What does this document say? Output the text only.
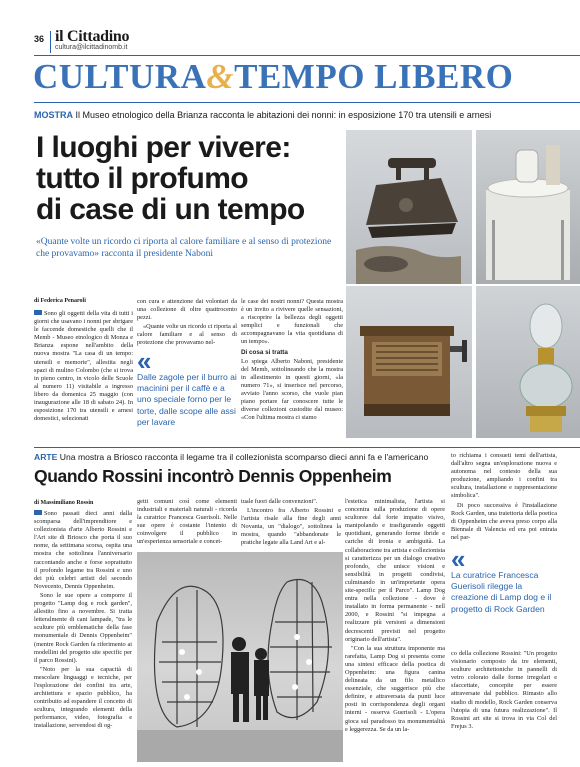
36 il Cittadino
cultura@ilcittadinomb.it
CULTURA&TEMPO LIBERO
MOSTRA Il Museo etnologico della Brianza racconta le abitazioni dei nonni: in esposizione 170 tra utensili e arnesi
I luoghi per vivere:
tutto il profumo
di case di un tempo
«Quante volte un ricordo ci riporta al calore familiare e al senso di protezione che provavamo» racconta il presidente Naboni
di Federica Penaroli

Sono gli oggetti della vita di tutti i giorni che usavano i nonni per sbrigare le faccende domestiche quelli che il Memb - Museo etnologico di Monza e Brianza espone nell'ambito della nuova mostra "La casa di un tempo: utensili e memorie", allestita negli spazi di mulino Colombo (che si trova in pieno centro, in vicolo delle Scuole al numero 11) visitabile a ingresso libero da domenica 25 maggio (con inaugurazione alle 18 di sabato 24). In esposizione 170 tra utensili e arnesi domestici, selezionati

con cura e attenzione dai volontari da una collezione di oltre quattrocento pezzi.

«Quante volte un ricordo ci riporta al calore familiare e al senso di protezione che provavamo nel-

«
Dalle zagole per il burro ai macinini per il caffè e a uno speciale forno per le torte, dalle scope alle assi per lavare

le case dei nostri nonni? Questa mostra è un invito a rivivere quelle sensazioni, a riscoprire la bellezza degli oggetti semplici e funzionali che accompagnavano la vita quotidiana di un tempo».

Di cosa si tratta

Lo spiega Alberto Naboni, presidente del Memb, sottolineando che la mostra in allestimento in questi giorni, «la numero 71», si inserisce nel percorso, avviato l'anno scorso, che vuole pian piano portare far conoscere tutte le diverse collezioni custodite dal museo: «Con l'ultima mostra ci siamo

ARTE Una mostra a Briosco racconta il legame tra il collezionista scomparso dieci anni fa e l'americano
Quando Rossini incontrò Dennis Oppenheim
di Massimiliano Rossin

Sono passati dieci anni dalla scomparsa dell'imprenditore e collezionista d'arte Alberto Rossini e l'Art site di Briosco che porta il suo nome, da settimana scorsa, ospita una mostra che sottolinea l'anniversario raccontando anche e forse soprattutto il profondo legame tra Rossini e uno dei più celebri artisti del secondo Novecento, Dennis Oppenheim.

Sono le sue opere a comporre il progetto "Lamp dog e rock garden", allestito fino a novembre. Si tratta letteralmente di cani lampade, "tra le sculture più emblematiche della fase monumentale di Dennis Oppenheim" (mentre Rock Garden fa riferimento ai modellini del progetto site specific per il parco Rossini).

"Noto per la sua capacità di mescolare linguaggi e tecniche, per l'esplorazione dei confini tra arte, architettura e spazio pubblico, ha contribuito ad espandere il concetto di scultura, integrando elementi della performance, video, fotografia e installazione, servendosi di og-

getti comuni così come elementi industriali e materiali naturali - ricorda la curatrice Francesca Guerisoli. Nelle sue opere è costante l'intento di coinvolgere il pubblico in un'esperienza sensoriale e concet-

tuale fuori dalle convenzioni".

L'incontro fra Alberto Rossini e l'artista risale alla fine degli anni Novanta, un "dialogo", sottolinea la mostra, quando "abbandonate le pratiche legate alla Land Art e al-

l'estetica minimalista, l'artista si concentra sulla produzione di opere scultoree dal forte impatto visivo, manipolando e trasfigurando oggetti quotidiani, generando forme ibride e cariche di ironia e ambiguità. La collaborazione tra artista e collezionista si caratterizza per un dialogo creativo profondo, che unisce visioni e sensibilità in progetti condivisi, culminando in un'importante opera site-specific per il Parco". Lamp Dog entra nella collezione - dove è installato in forma permanente - nell 2000, e Rossini "si impegna a realizzare più versioni a dimensioni decrescenti previsti nel progetto originario dell'artista".

"Con la sua struttura imponente ma rarefatta, Lamp Dog si presenta come una sintesi efficace della poetica di Oppenheim: una figura canina delineata da un filo metallico essenziale, che suggerisce più che definire, e attraversata da punti luce posti in corrispondenza degli organi interni - osserva Guerisoli - L'opera gioca sul paradosso tra monumentalità e leggerezza. Se da un la-

to richiama i consueti temi dell'artista, dall'altro segna un'esplorazione nuova e autonoma nel contesto della sua produzione, ampliando i confini tra scultura, installazione e rappresentazione simbolica".

Di poco successiva è l'installazione Rock Garden, una traiettoria della poetica di Oppenheim che aveva preso corpo alla Biennale di Valencia ed era poi entrata nel par-

«
La curatrice Francesca Guerisoli rilegge la creazione di Lamp dog e il progetto di Rock Garden
co della collezione Rossini: "Un progetto visionario composto da tre elementi, sculture architettoniche in pannelli di vetro colorato dalle forme irregolari e sfaccettate, concepite per essere attraversate dal pubblico. Rimasto allo stadio di modello, Rock Garden conserva l'utopia di una futura realizzazione". Il Rossini art site si trova in via Col del Frejus 3.
